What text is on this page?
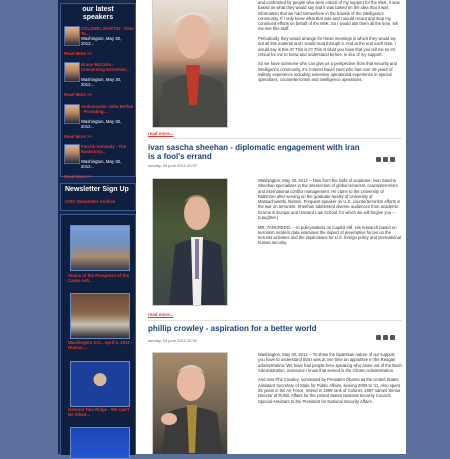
our latest speakers
COLONEL MARTIN - Time To...
Washington, May 30, 2012...
Read More >>
Bruce McColm - Concerning Extremist...
Washington, May 30, 2012...
Read More >>
Ambassador John Bolton - Providing...
Washington, May 30, 2012...
Read More >>
Patrick Kennedy - The Backstory...
Washington, May 30, 2012...
Read More >>
Newsletter Sign Up
IOSC Newsletter Archive
Status of the Prospects of the Camp Ash...
Washington D.C., April 6, 2012 - Human ...
General Tom Ridge - We Can't Be Silent...

and confronted by people who were critical of my support for the MeK, it was based on what they would say and it was based on the idea that it was information that we had somewhere in the bowels of the intelligence community. If I only knew what that was and I would recant and stop my continued efforts on behalf of the MeK. So I would ask them all the time, tell me see this stuff.

Periodically they would arrange for these meetings in which they would lay out all this material and I would read through it. And at the end each time, I would say is this it? This is it? This is what you have that you tell me so it's critical for me to know and understand before, in lieu of my support.

So we have someone who can give us a perspective from that security and intelligence community, it's Colonel David Hunt who has over 29 years of military experience including extensive operational experience in special operations, counterterrorism and intelligence operations.

read more...
ivan sascha sheehan - diplomatic engagement with iran is a fool's errand
sunday, 03 june 2012 20:57

Washington, May 30, 2012 -- Now from the halls of academe, Ivan Sascha Sheehan specializes in the intersection of global terrorism, counterterrorism and international conflict management. He came to the University of Baltimore after serving on the graduate faculty of University of Massachusetts, Boston. Frequent speaker on U.S. counterterrorism efforts in the war on terrorism. Sheehan addressed diverse audiences from academic forums in Europe and Harvard Law School, for which we will forgive you -- (Laughter.)

MR. TANCREDO: -- to policymakers on Capitol Hill. His research based on terrorism incident data examines the impact of preemptive forces on the terrorist activities and the implications for U.S. foreign policy and international human security.

read more...
phillip crowley - aspiration for a better world
sunday, 03 june 2012 20:52

Washington, May 30, 2012 -- To show the bipartisan nature of our support, you have to understand that I was at one time an appointee in the Reagan administration. We have had people here speaking who came out of the Bush Administration. Someone I know that served in the Clinton Administration.

And now Phil Crowley, nominated by President Obama as the United States Assistant Secretary of State for Public Affairs, serving 2009 to '11. Also spent 26 years in the Air Force, retired in 1999 rank of Colonel, 1997 names Senior Director of Public Affairs for the United States National Security Council, Special Assistant to the President for National Security Affairs.
